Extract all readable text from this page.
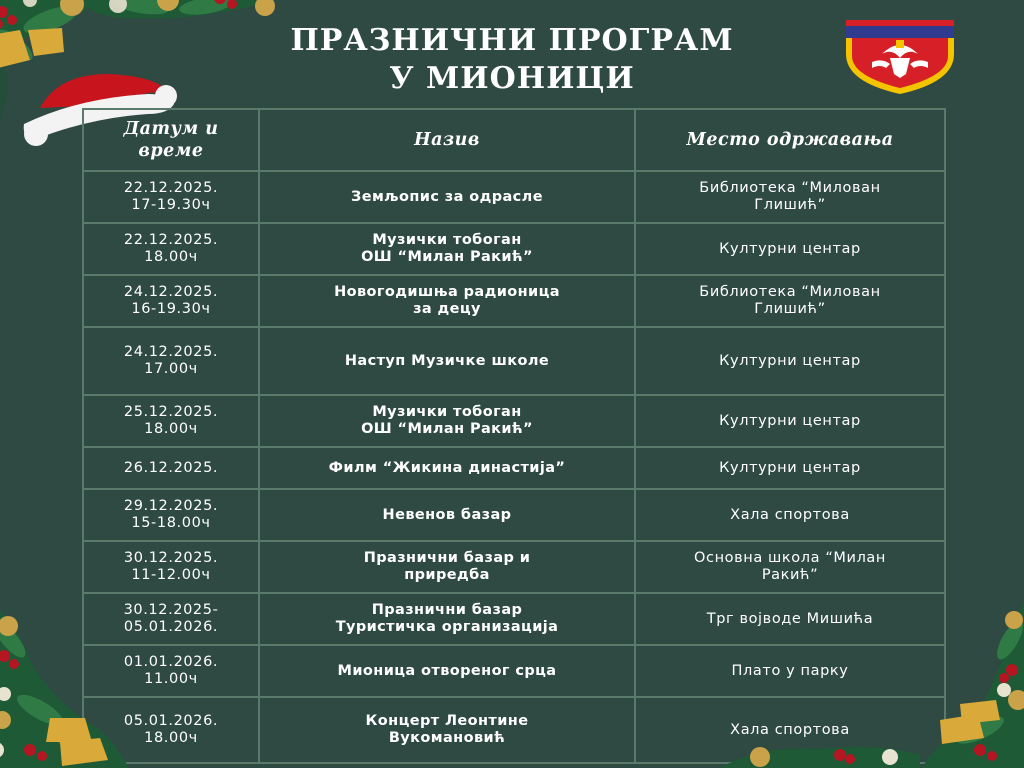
ПРАЗНИЧНИ ПРОГРАМ
У МИОНИЦИ
Датум и време	Назив	Место одржавања

22.12.2025.
17-19.30ч	Земљопис за одрасле	Библиотека “Милован
Глишић”

22.12.2025.
18.00ч	Музички тобоган
ОШ “Милан Ракић”	Културни центар

24.12.2025.
16-19.30ч	Новогодишња радионица
за децу	Библиотека “Милован
Глишић”

24.12.2025.
17.00ч	Наступ Музичке школе	Културни центар

25.12.2025.
18.00ч	Музички тобоган
ОШ “Милан Ракић”	Културни центар

26.12.2025.	Филм “Жикина династија”	Културни центар

29.12.2025.
15-18.00ч	Невенов базар	Хала спортова

30.12.2025.
11-12.00ч	Празнични базар и
приредба	Основна школа “Милан
Ракић”

30.12.2025-
05.01.2026.	Празнични базар
Туристичка организација	Трг војводе Мишића

01.01.2026.
11.00ч	Мионица отвореног срца	Плато у парку

05.01.2026.
18.00ч	Концерт Леонтине
Вукомановић	Хала спортова
